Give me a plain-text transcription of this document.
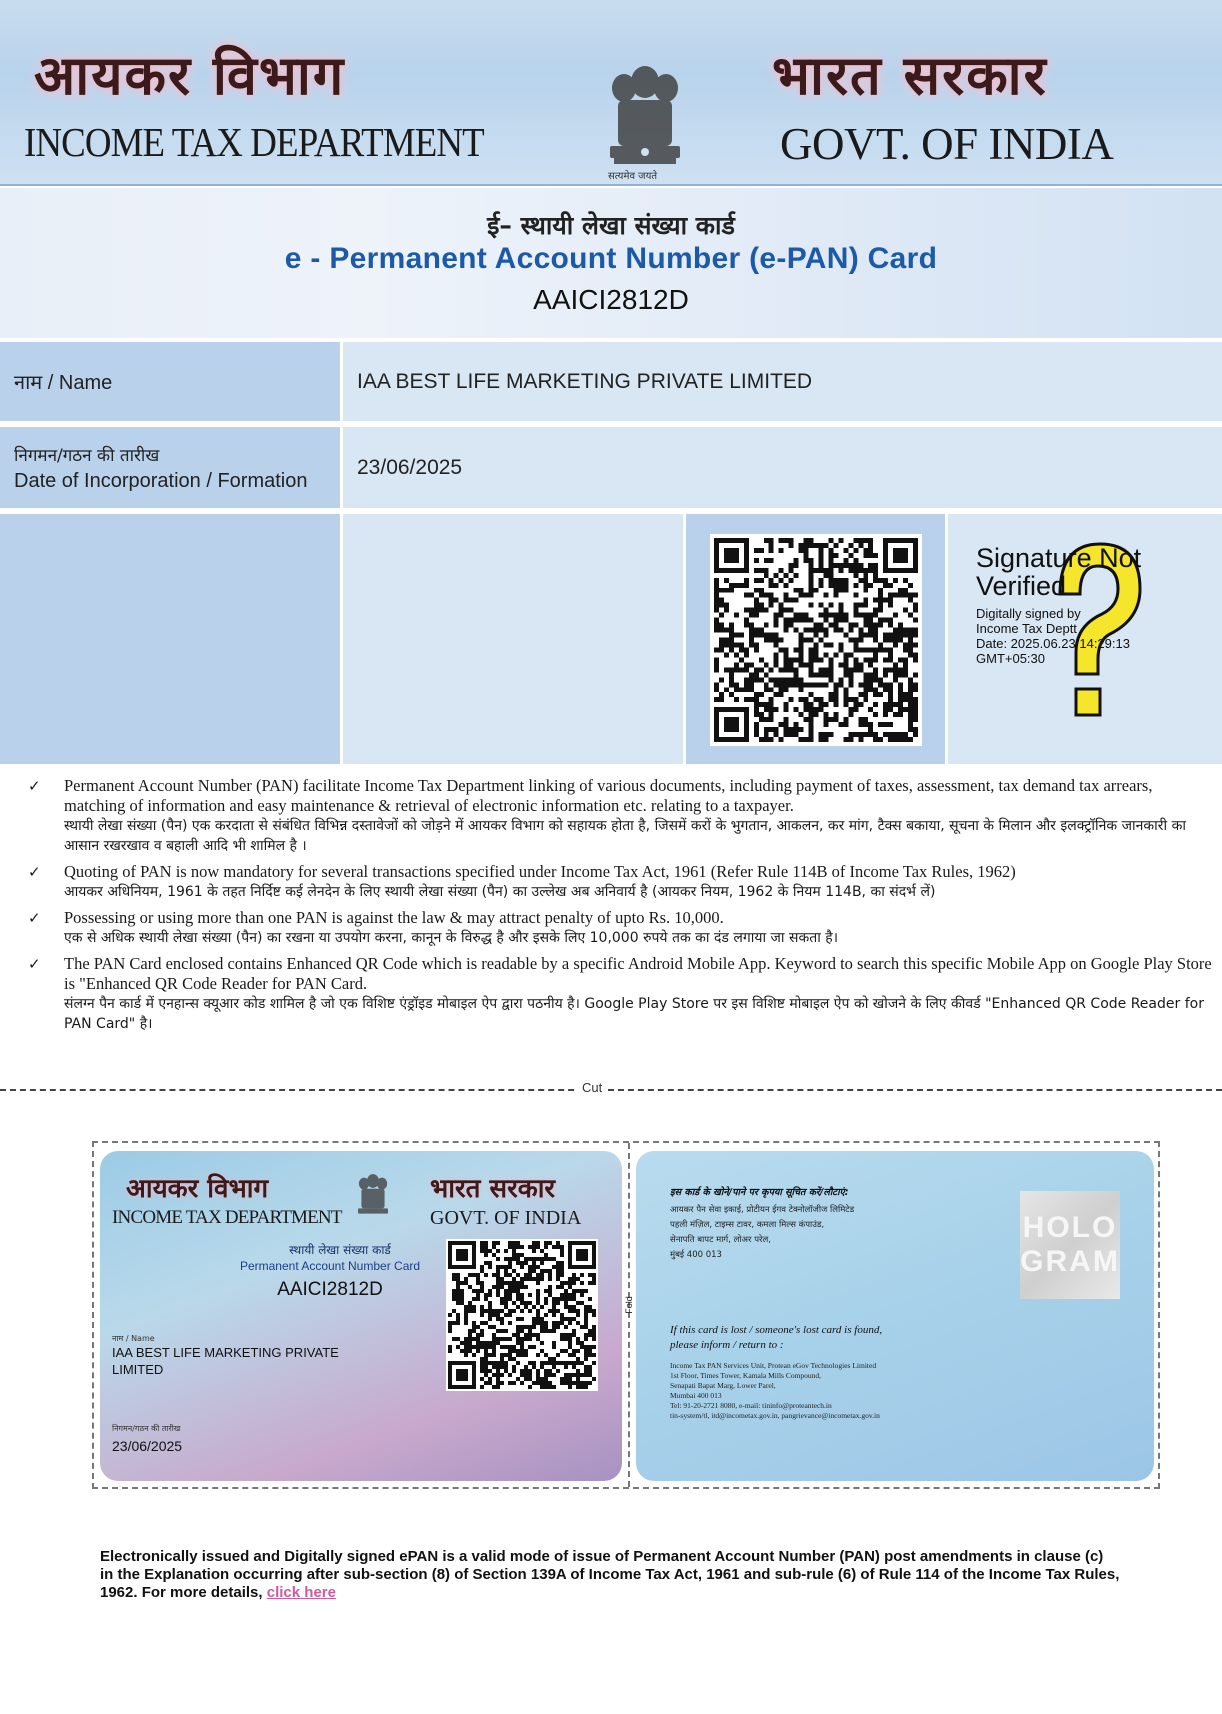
आयकर विभाग
INCOME TAX DEPARTMENT
सत्यमेव जयते
भारत सरकार
GOVT. OF INDIA
ई– स्थायी लेखा संख्या कार्ड
e - Permanent Account Number (e-PAN) Card
AAICI2812D
नाम / Name	IAA BEST LIFE MARKETING PRIVATE LIMITED
निगमन/गठन की तारीख
Date of Incorporation / Formation
23/06/2025
Signature Not Verified
Digitally signed by
Income Tax Deptt
Date: 2025.06.23 14:29:13
GMT+05:30
✓	Permanent Account Number (PAN) facilitate Income Tax Department linking of various documents, including payment of taxes, assessment, tax demand tax arrears, matching of information and easy maintenance & retrieval of electronic information etc. relating to a taxpayer.
स्थायी लेखा संख्या (पैन) एक करदाता से संबंधित विभिन्न दस्तावेजों को जोड़ने में आयकर विभाग को सहायक होता है, जिसमें करों के भुगतान, आकलन, कर मांग, टैक्स बकाया, सूचना के मिलान और इलक्ट्रॉनिक जानकारी का आसान रखरखाव व बहाली आदि भी शामिल है ।
✓	Quoting of PAN is now mandatory for several transactions specified under Income Tax Act, 1961 (Refer Rule 114B of Income Tax Rules, 1962)
आयकर अधिनियम, 1961 के तहत निर्दिष्ट कई लेनदेन के लिए स्थायी लेखा संख्या (पैन) का उल्लेख अब अनिवार्य है (आयकर नियम, 1962 के नियम 114B, का संदर्भ लें)
✓	Possessing or using more than one PAN is against the law & may attract penalty of upto Rs. 10,000.
एक से अधिक स्थायी लेखा संख्या (पैन) का रखना या उपयोग करना, कानून के विरुद्ध है और इसके लिए 10,000 रुपये तक का दंड लगाया जा सकता है।
✓	The PAN Card enclosed contains Enhanced QR Code which is readable by a specific Android Mobile App. Keyword to search this specific Mobile App on Google Play Store is "Enhanced QR Code Reader for PAN Card.
संलग्न पैन कार्ड में एनहान्स क्यूआर कोड शामिल है जो एक विशिष्ट एंड्रॉइड मोबाइल ऐप द्वारा पठनीय है। Google Play Store पर इस विशिष्ट मोबाइल ऐप को खोजने के लिए कीवर्ड "Enhanced QR Code Reader for PAN Card" है।
Cut
Fold
आयकर विभाग
INCOME TAX DEPARTMENT
भारत सरकार
GOVT. OF INDIA
स्थायी लेखा संख्या कार्ड
Permanent Account Number Card
AAICI2812D
नाम / Name
IAA BEST LIFE MARKETING PRIVATE LIMITED
निगमन/गठन की तारीख
23/06/2025
इस कार्ड के खोने/पाने पर कृपया सूचित करें/लौटाएं:
आयकर पैन सेवा इकाई, प्रोटीयन ईगव टेक्नोलॉजीज लिमिटेड
पहली मंज़िल, टाइम्स टावर, कमला मिल्स कंपाउंड,
सेनापति बापट मार्ग, लोअर परेल,
मुंबई 400 013
If this card is lost / someone's lost card is found,
please inform / return to :
Income Tax PAN Services Unit, Protean eGov Technologies Limited
1st Floor, Times Tower, Kamala Mills Compound,
Senapati Bapat Marg, Lower Parel,
Mumbai 400 013
Tel: 91-20-2721 8080, e-mail: tininfo@proteantech.in
tin-system/tl, itd@incometax.gov.in, pangrievance@incometax.gov.in
HOLO
GRAM
Electronically issued and Digitally signed ePAN is a valid mode of issue of Permanent Account Number (PAN) post amendments in clause (c) in the Explanation occurring after sub-section (8) of Section 139A of Income Tax Act, 1961 and sub-rule (6) of Rule 114 of the Income Tax Rules, 1962. For more details, click here
